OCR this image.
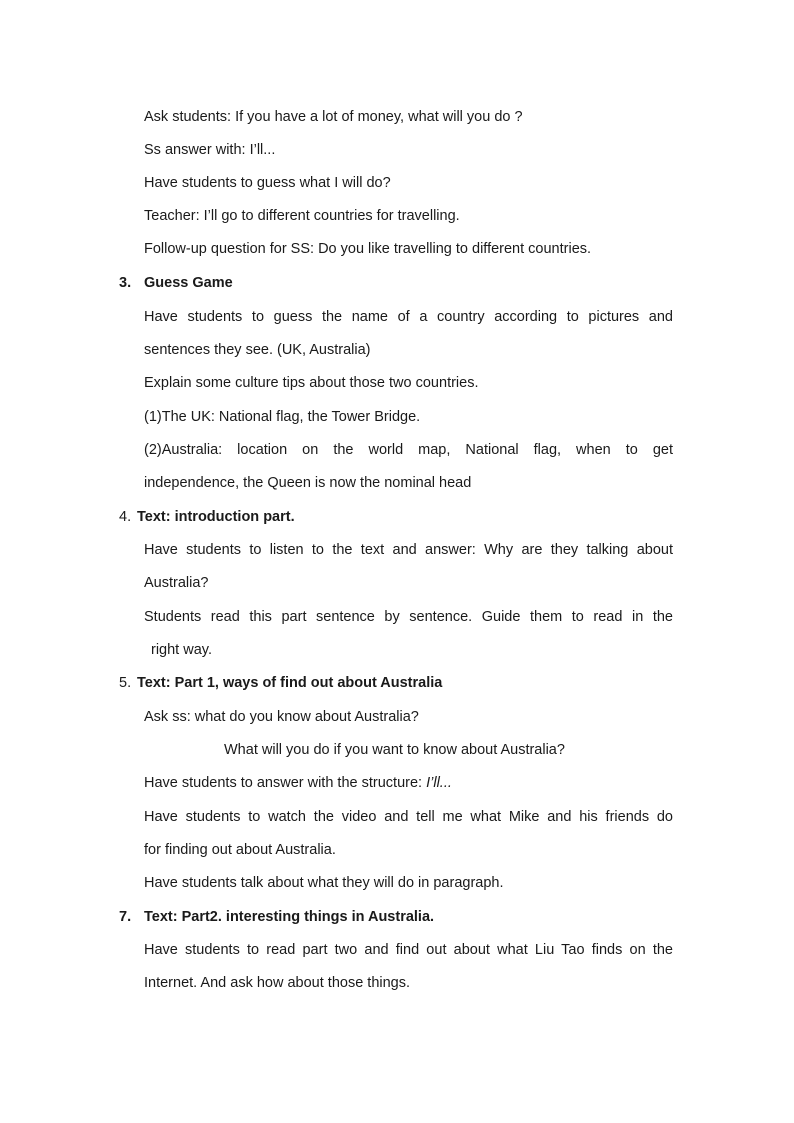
Ask students: If you have a lot of money, what will you do ?
Ss answer with: I’ll...
Have students to guess what I will do?
Teacher: I’ll go to different countries for travelling.
Follow-up question for SS: Do you like travelling to different countries.
3. Guess Game
Have students to guess the name of a country according to pictures and
sentences they see. (UK, Australia)
Explain some culture tips about those two countries.
(1)The UK: National flag, the Tower Bridge.
(2)Australia: location on the world map, National flag, when to get
independence, the Queen is now the nominal head
4. Text: introduction part.
Have students to listen to the text and answer: Why are they talking about
Australia?
Students read this part sentence by sentence. Guide them to read in the
right way.
5. Text: Part 1, ways of find out about Australia
Ask ss: what do you know about Australia?
What will you do if you want to know about Australia?
Have students to answer with the structure: I’ll...
Have students to watch the video and tell me what Mike and his friends do
for finding out about Australia.
Have students talk about what they will do in paragraph.
7. Text: Part2. interesting things in Australia.
Have students to read part two and find out about what Liu Tao finds on the
Internet. And ask how about those things.
